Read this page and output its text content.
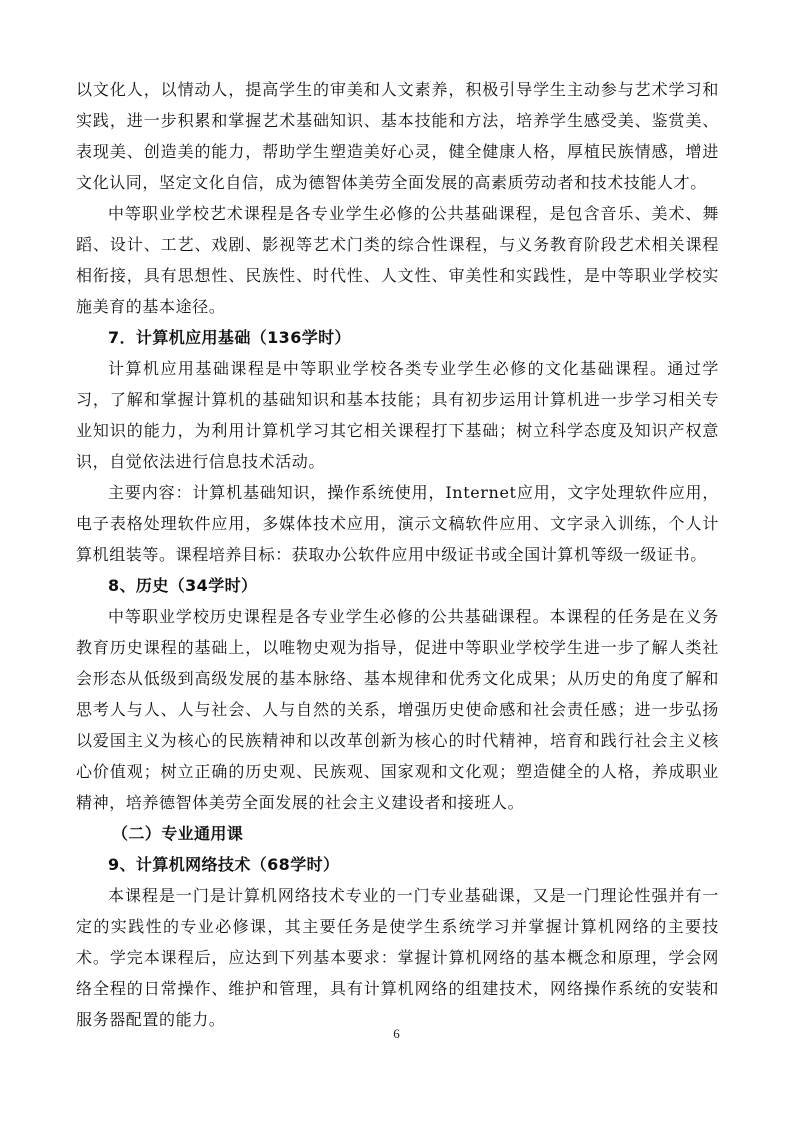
以文化人，以情动人，提高学生的审美和人文素养，积极引导学生主动参与艺术学习和实践，进一步积累和掌握艺术基础知识、基本技能和方法，培养学生感受美、鉴赏美、表现美、创造美的能力，帮助学生塑造美好心灵，健全健康人格，厚植民族情感，增进文化认同，坚定文化自信，成为德智体美劳全面发展的高素质劳动者和技术技能人才。

中等职业学校艺术课程是各专业学生必修的公共基础课程，是包含音乐、美术、舞蹈、设计、工艺、戏剧、影视等艺术门类的综合性课程，与义务教育阶段艺术相关课程相衔接，具有思想性、民族性、时代性、人文性、审美性和实践性，是中等职业学校实施美育的基本途径。

7．计算机应用基础（136学时）

计算机应用基础课程是中等职业学校各类专业学生必修的文化基础课程。通过学习，了解和掌握计算机的基础知识和基本技能；具有初步运用计算机进一步学习相关专业知识的能力，为利用计算机学习其它相关课程打下基础；树立科学态度及知识产权意识，自觉依法进行信息技术活动。

主要内容：计算机基础知识，操作系统使用，Internet应用，文字处理软件应用，电子表格处理软件应用，多媒体技术应用，演示文稿软件应用、文字录入训练，个人计算机组装等。课程培养目标：获取办公软件应用中级证书或全国计算机等级一级证书。

8、历史（34学时）

中等职业学校历史课程是各专业学生必修的公共基础课程。本课程的任务是在义务教育历史课程的基础上，以唯物史观为指导，促进中等职业学校学生进一步了解人类社会形态从低级到高级发展的基本脉络、基本规律和优秀文化成果；从历史的角度了解和思考人与人、人与社会、人与自然的关系，增强历史使命感和社会责任感；进一步弘扬以爱国主义为核心的民族精神和以改革创新为核心的时代精神，培育和践行社会主义核心价值观；树立正确的历史观、民族观、国家观和文化观；塑造健全的人格，养成职业精神，培养德智体美劳全面发展的社会主义建设者和接班人。

（二）专业通用课

9、计算机网络技术（68学时）

本课程是一门是计算机网络技术专业的一门专业基础课，又是一门理论性强并有一定的实践性的专业必修课，其主要任务是使学生系统学习并掌握计算机网络的主要技术。学完本课程后，应达到下列基本要求：掌握计算机网络的基本概念和原理，学会网络全程的日常操作、维护和管理，具有计算机网络的组建技术，网络操作系统的安装和服务器配置的能力。

6
